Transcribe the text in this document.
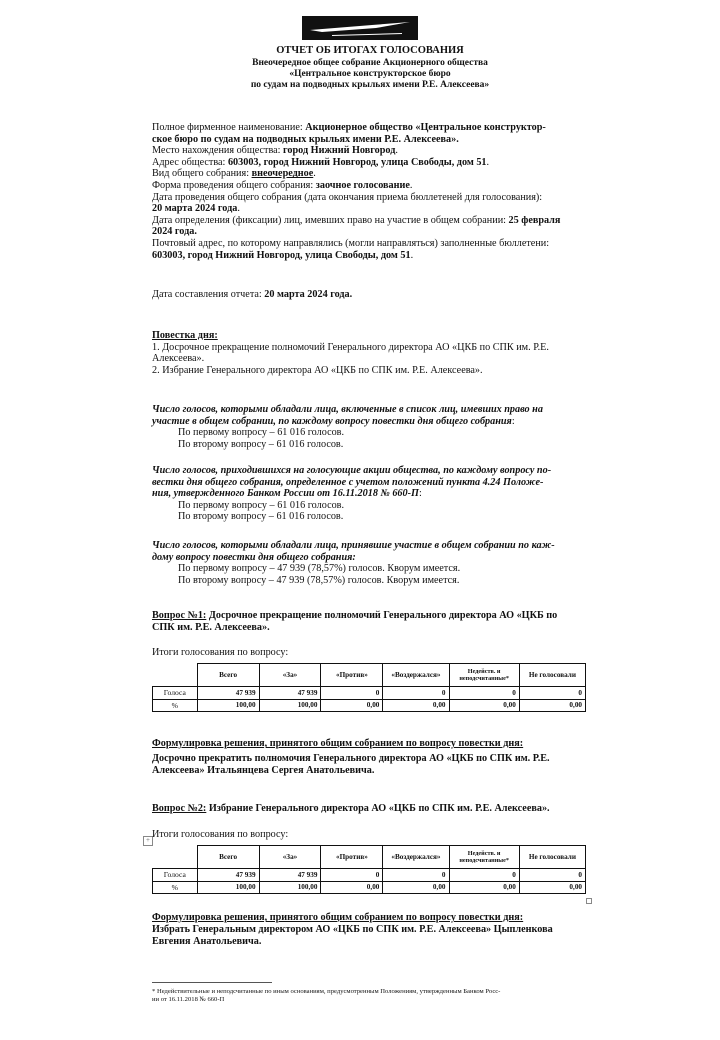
ОТЧЕТ ОБ ИТОГАХ ГОЛОСОВАНИЯ
Внеочередное общее собрание Акционерного общества
«Центральное конструкторское бюро
по судам на подводных крыльях имени Р.Е. Алексеева»
Полное фирменное наименование: Акционерное общество «Центральное конструктор-
ское бюро по судам на подводных крыльях имени Р.Е. Алексеева».
Место нахождения общества: город Нижний Новгород.
Адрес общества: 603003, город Нижний Новгород, улица Свободы, дом 51.
Вид общего собрания: внеочередное.
Форма проведения общего собрания: заочное голосование.
Дата проведения общего собрания (дата окончания приема бюллетеней для голосования):
20 марта 2024 года.
Дата определения (фиксации) лиц, имевших право на участие в общем собрании: 25 февраля
2024 года.
Почтовый адрес, по которому направлялись (могли направляться) заполненные бюллетени:
603003, город Нижний Новгород, улица Свободы, дом 51.
Дата составления отчета: 20 марта 2024 года.
Повестка дня:
1. Досрочное прекращение полномочий Генерального директора АО «ЦКБ по СПК им. Р.Е.
Алексеева».
2. Избрание Генерального директора АО «ЦКБ по СПК им. Р.Е. Алексеева».
Число голосов, которыми обладали лица, включенные в список лиц, имевших право на
участие в общем собрании, по каждому вопросу повестки дня общего собрания:
По первому вопросу – 61 016 голосов.
По второму вопросу – 61 016 голосов.
Число голосов, приходившихся на голосующие акции общества, по каждому вопросу по-
вестки дня общего собрания, определенное с учетом положений пункта 4.24 Положе-
ния, утвержденного Банком России от 16.11.2018 № 660-П:
По первому вопросу – 61 016 голосов.
По второму вопросу – 61 016 голосов.
Число голосов, которыми обладали лица, принявшие участие в общем собрании по каж-
дому вопросу повестки дня общего собрания:
По первому вопросу – 47 939 (78,57%) голосов. Кворум имеется.
По второму вопросу – 47 939 (78,57%) голосов. Кворум имеется.
Вопрос №1: Досрочное прекращение полномочий Генерального директора АО «ЦКБ по
СПК им. Р.Е. Алексеева».
Итоги голосования по вопросу:
	Всего	«За»	«Против»	«Воздержался»	Недейств. и неподсчитанные*	Не голосовали
Голоса	47 939	47 939	0	0	0	0
%	100,00	100,00	0,00	0,00	0,00	0,00
Формулировка решения, принятого общим собранием по вопросу повестки дня:
Досрочно прекратить полномочия Генерального директора АО «ЦКБ по СПК им. Р.Е.
Алексеева» Итальянцева Сергея Анатольевича.
Вопрос №2: Избрание Генерального директора АО «ЦКБ по СПК им. Р.Е. Алексеева».
+ Итоги голосования по вопросу:
	Всего	«За»	«Против»	«Воздержался»	Недейств. и неподсчитанные*	Не голосовали
Голоса	47 939	47 939	0	0	0	0
%	100,00	100,00	0,00	0,00	0,00	0,00
Формулировка решения, принятого общим собранием по вопросу повестки дня:
Избрать Генеральным директором АО «ЦКБ по СПК им. Р.Е. Алексеева» Цыпленкова
Евгения Анатольевича.
* Недействительные и неподсчитанные по иным основаниям, предусмотренным Положениям, утвержденным Банком Росс-
ии от 16.11.2018 № 660-П
